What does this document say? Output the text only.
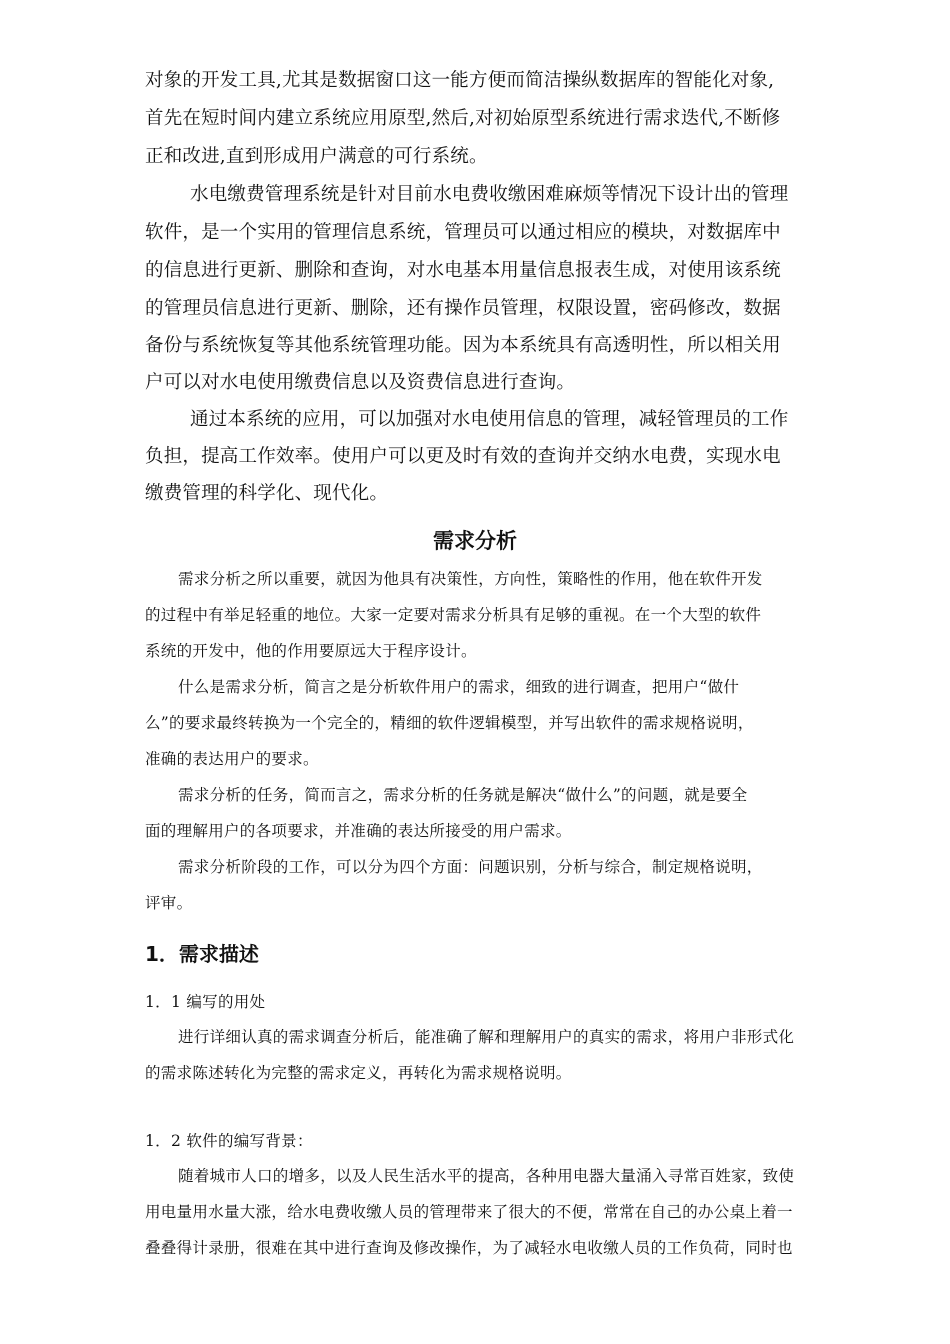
对象的开发工具,尤其是数据窗口这一能方便而简洁操纵数据库的智能化对象,

首先在短时间内建立系统应用原型,然后,对初始原型系统进行需求迭代,不断修

正和改进,直到形成用户满意的可行系统。

水电缴费管理系统是针对目前水电费收缴困难麻烦等情况下设计出的管理

软件，是一个实用的管理信息系统，管理员可以通过相应的模块，对数据库中

的信息进行更新、删除和查询，对水电基本用量信息报表生成，对使用该系统

的管理员信息进行更新、删除，还有操作员管理，权限设置，密码修改，数据

备份与系统恢复等其他系统管理功能。因为本系统具有高透明性，所以相关用

户可以对水电使用缴费信息以及资费信息进行查询。

通过本系统的应用，可以加强对水电使用信息的管理，减轻管理员的工作

负担，提高工作效率。使用户可以更及时有效的查询并交纳水电费，实现水电

缴费管理的科学化、现代化。

需求分析

需求分析之所以重要，就因为他具有决策性，方向性，策略性的作用，他在软件开发

的过程中有举足轻重的地位。大家一定要对需求分析具有足够的重视。在一个大型的软件

系统的开发中，他的作用要原远大于程序设计。

什么是需求分析，简言之是分析软件用户的需求，细致的进行调查，把用户“做什

么”的要求最终转换为一个完全的，精细的软件逻辑模型，并写出软件的需求规格说明，

准确的表达用户的要求。

需求分析的任务，简而言之，需求分析的任务就是解决“做什么”的问题，就是要全

面的理解用户的各项要求，并准确的表达所接受的用户需求。

需求分析阶段的工作，可以分为四个方面：问题识别，分析与综合，制定规格说明，

评审。

1．需求描述

1．1 编写的用处

进行详细认真的需求调查分析后，能准确了解和理解用户的真实的需求，将用户非形式化

的需求陈述转化为完整的需求定义，再转化为需求规格说明。

1．2 软件的编写背景：

随着城市人口的增多，以及人民生活水平的提高，各种用电器大量涌入寻常百姓家，致使

用电量用水量大涨，给水电费收缴人员的管理带来了很大的不便，常常在自己的办公桌上着一

叠叠得计录册，很难在其中进行查询及修改操作，为了减轻水电收缴人员的工作负荷，同时也
